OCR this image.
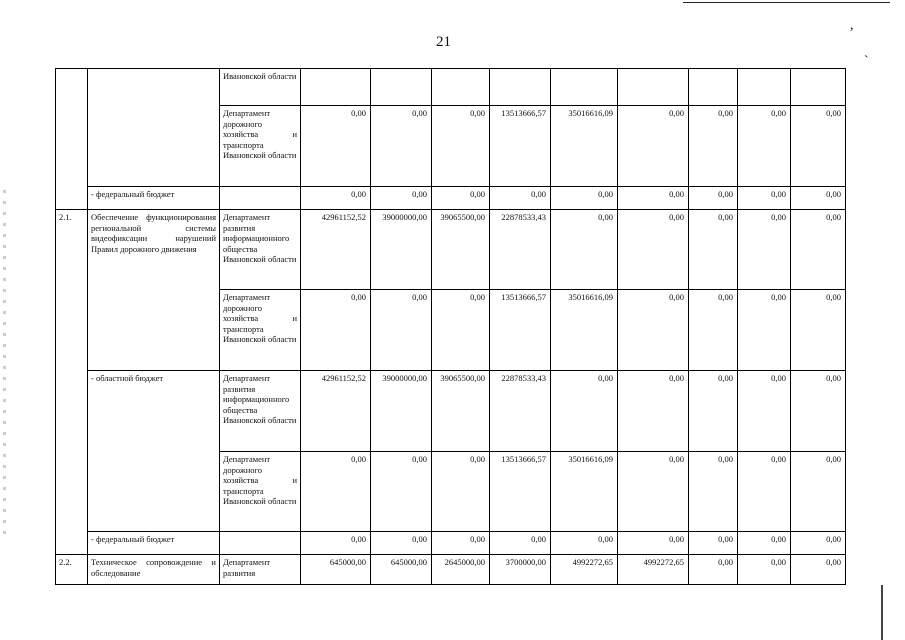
,
`
21
		Ивановской области									
		Департамент дорожного хозяйства и транспорта Ивановской области	0,00	0,00	0,00	13513666,57	35016616,09	0,00	0,00	0,00	0,00
	- федеральный бюджет		0,00	0,00	0,00	0,00	0,00	0,00	0,00	0,00	0,00
2.1.	Обеспечение функционирования региональной системы видеофиксации нарушений Правил дорожного движения	Департамент развития информационного общества Ивановской области	42961152,52	39000000,00	39065500,00	22878533,43	0,00	0,00	0,00	0,00	0,00
		Департамент дорожного хозяйства и транспорта Ивановской области	0,00	0,00	0,00	13513666,57	35016616,09	0,00	0,00	0,00	0,00
	- областной бюджет	Департамент развития информационного общества Ивановской области	42961152,52	39000000,00	39065500,00	22878533,43	0,00	0,00	0,00	0,00	0,00
		Департамент дорожного хозяйства и транспорта Ивановской области	0,00	0,00	0,00	13513666,57	35016616,09	0,00	0,00	0,00	0,00
	- федеральный бюджет		0,00	0,00	0,00	0,00	0,00	0,00	0,00	0,00	0,00
2.2.	Техническое сопровождение и обследование	Департамент развития	645000,00	645000,00	2645000,00	3700000,00	4992272,65	4992272,65	0,00	0,00	0,00
